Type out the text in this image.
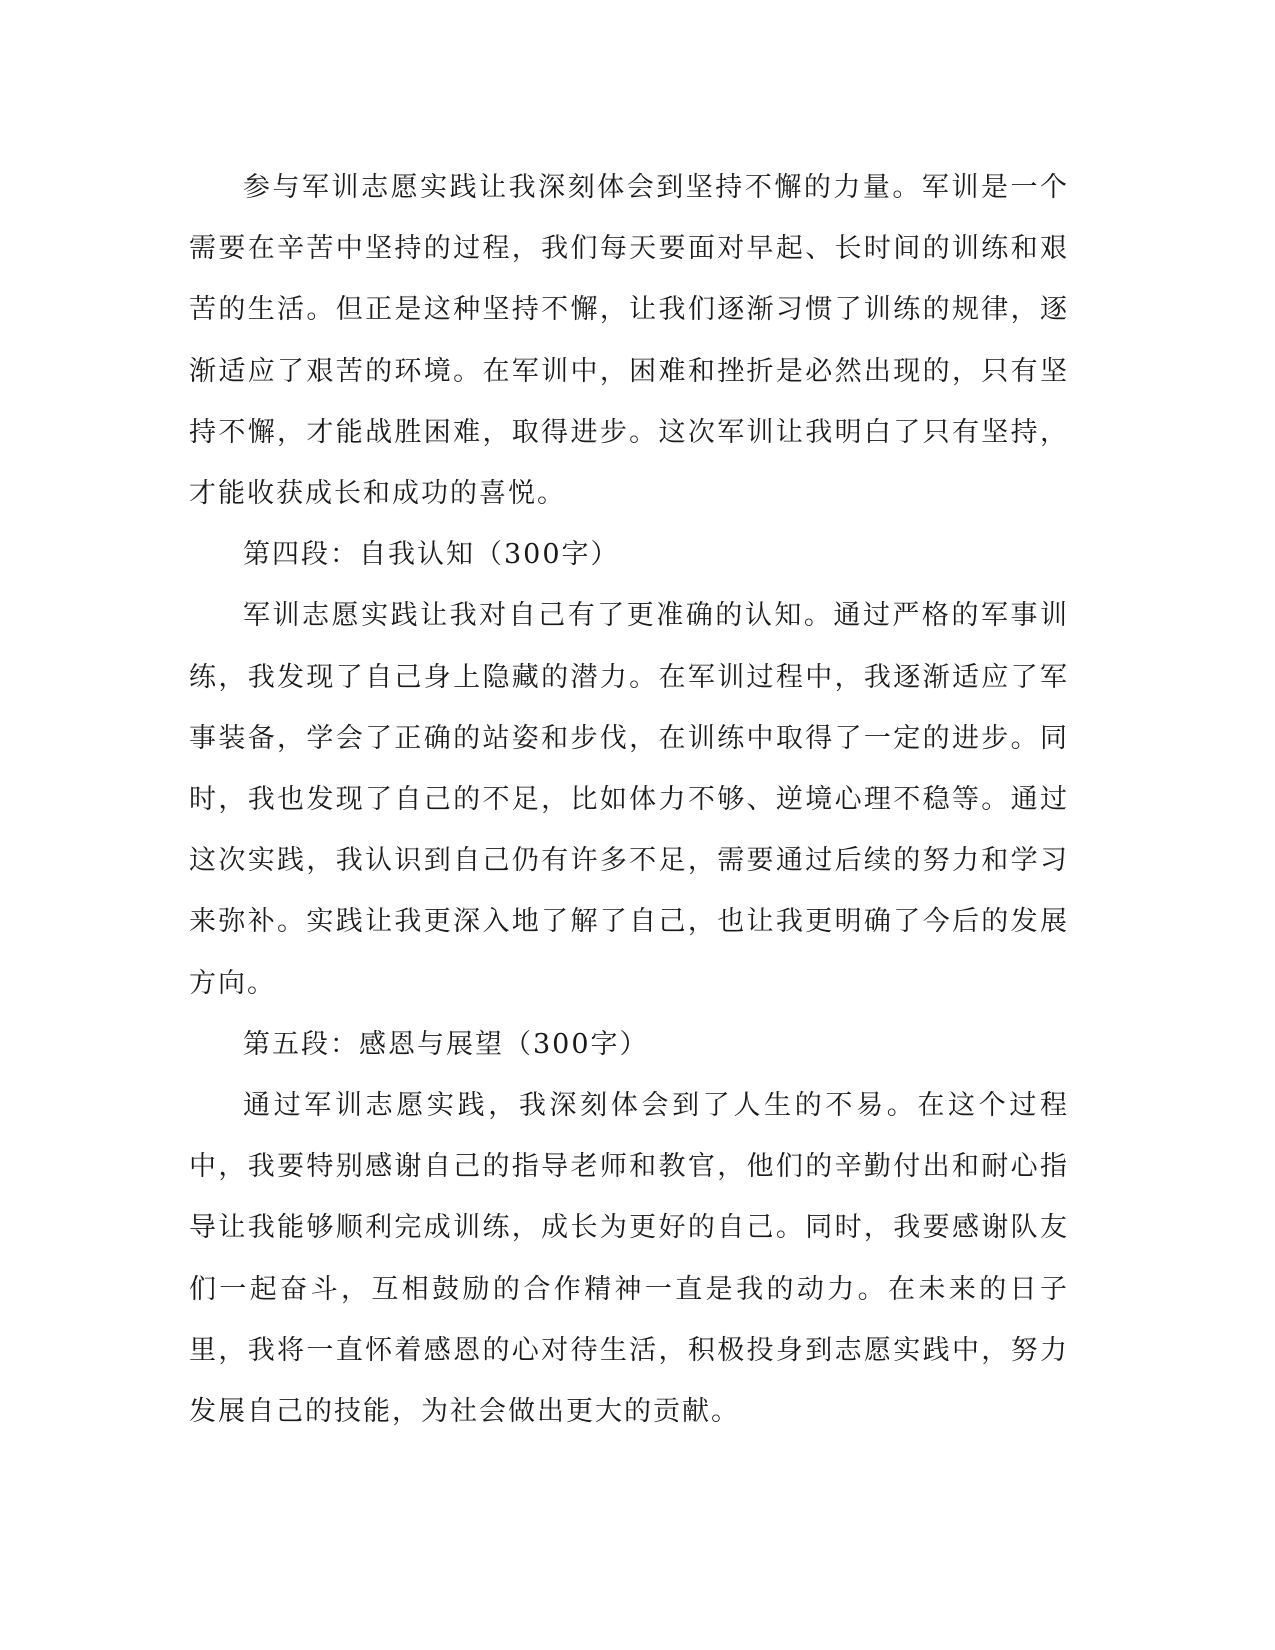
参与军训志愿实践让我深刻体会到坚持不懈的力量。军训是一个需要在辛苦中坚持的过程，我们每天要面对早起、长时间的训练和艰苦的生活。但正是这种坚持不懈，让我们逐渐习惯了训练的规律，逐渐适应了艰苦的环境。在军训中，困难和挫折是必然出现的，只有坚持不懈，才能战胜困难，取得进步。这次军训让我明白了只有坚持，才能收获成长和成功的喜悦。

第四段：自我认知（300字）

军训志愿实践让我对自己有了更准确的认知。通过严格的军事训练，我发现了自己身上隐藏的潜力。在军训过程中，我逐渐适应了军事装备，学会了正确的站姿和步伐，在训练中取得了一定的进步。同时，我也发现了自己的不足，比如体力不够、逆境心理不稳等。通过这次实践，我认识到自己仍有许多不足，需要通过后续的努力和学习来弥补。实践让我更深入地了解了自己，也让我更明确了今后的发展方向。

第五段：感恩与展望（300字）

通过军训志愿实践，我深刻体会到了人生的不易。在这个过程中，我要特别感谢自己的指导老师和教官，他们的辛勤付出和耐心指导让我能够顺利完成训练，成长为更好的自己。同时，我要感谢队友们一起奋斗，互相鼓励的合作精神一直是我的动力。在未来的日子里，我将一直怀着感恩的心对待生活，积极投身到志愿实践中，努力发展自己的技能，为社会做出更大的贡献。
